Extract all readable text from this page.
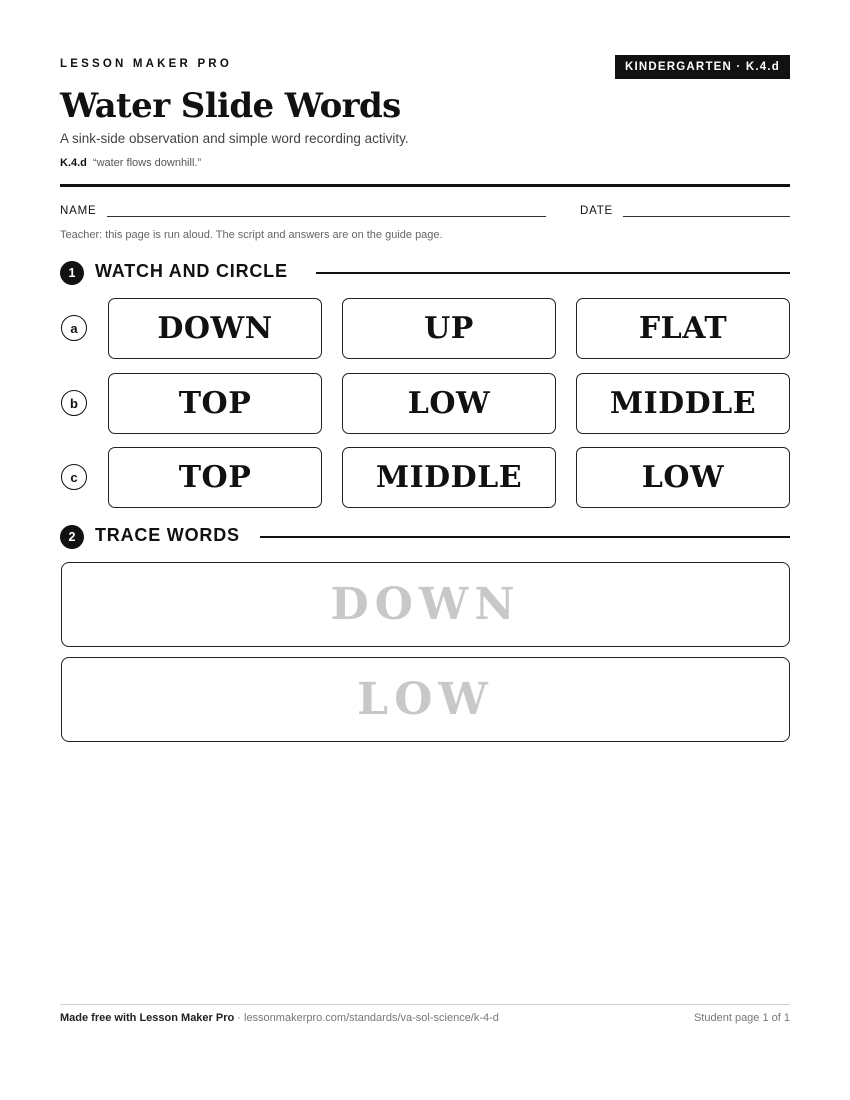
LESSON MAKER PRO	KINDERGARTEN · K.4.d
Water Slide Words
A sink-side observation and simple word recording activity.
K.4.d “water flows downhill.”
NAME	DATE
Teacher: this page is run aloud. The script and answers are on the guide page.
1	WATCH AND CIRCLE
a	DOWN	UP	FLAT
b	TOP	LOW	MIDDLE
c	TOP	MIDDLE	LOW
2	TRACE WORDS
DOWN
LOW
Made free with Lesson Maker Pro · lessonmakerpro.com/standards/va-sol-science/k-4-d	Student page 1 of 1
